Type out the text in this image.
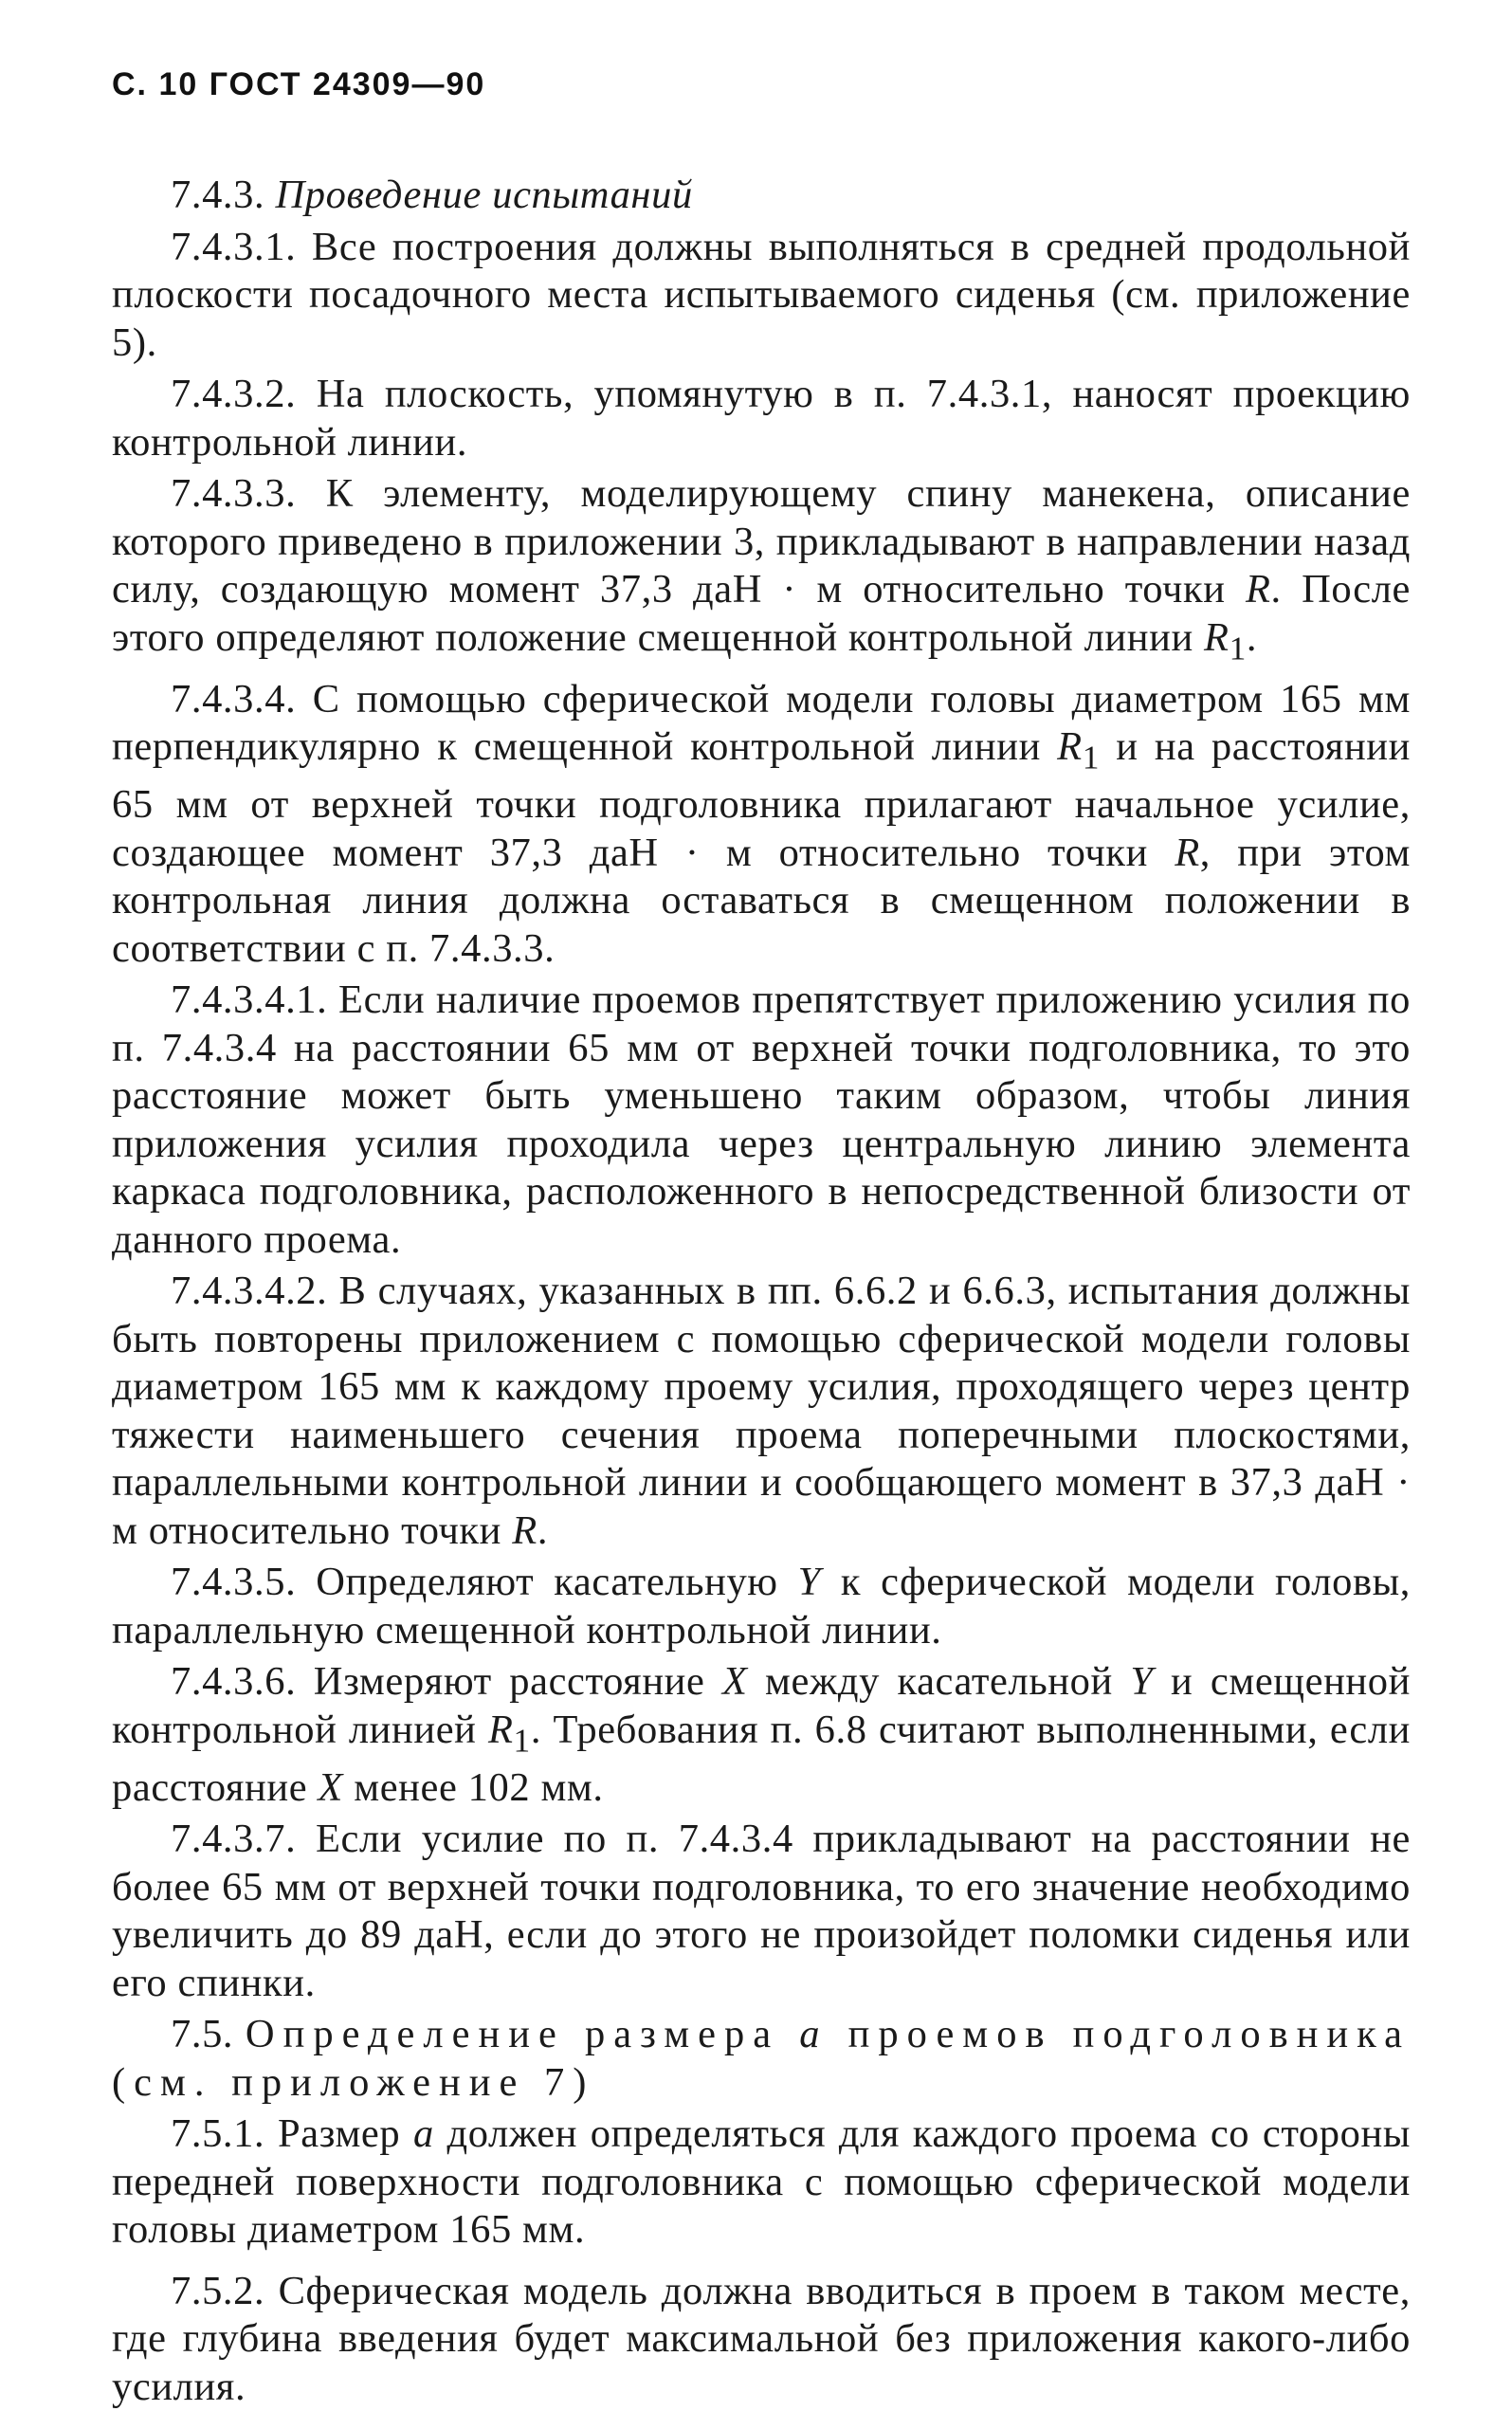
С. 10 ГОСТ 24309—90

7.4.3. Проведение испытаний

7.4.3.1. Все построения должны выполняться в средней продольной плоскости посадочного места испытываемого сиденья (см. приложение 5).

7.4.3.2. На плоскость, упомянутую в п. 7.4.3.1, наносят проекцию контрольной линии.

7.4.3.3. К элементу, моделирующему спину манекена, описание которого приведено в приложении 3, прикладывают в направлении назад силу, создающую момент 37,3 даН · м относительно точки R. После этого определяют положение смещенной контрольной линии $R_1$.

7.4.3.4. С помощью сферической модели головы диаметром 165 мм перпендикулярно к смещенной контрольной линии $R_1$ и на расстоянии 65 мм от верхней точки подголовника прилагают начальное усилие, создающее момент 37,3 даН · м относительно точки R, при этом контрольная линия должна оставаться в смещенном положении в соответствии с п. 7.4.3.3.

7.4.3.4.1. Если наличие проемов препятствует приложению усилия по п. 7.4.3.4 на расстоянии 65 мм от верхней точки подголовника, то это расстояние может быть уменьшено таким образом, чтобы линия приложения усилия проходила через центральную линию элемента каркаса подголовника, расположенного в непосредственной близости от данного проема.

7.4.3.4.2. В случаях, указанных в пп. 6.6.2 и 6.6.3, испытания должны быть повторены приложением с помощью сферической модели головы диаметром 165 мм к каждому проему усилия, проходящего через центр тяжести наименьшего сечения проема поперечными плоскостями, параллельными контрольной линии и сообщающего момент в 37,3 даН · м относительно точки R.

7.4.3.5. Определяют касательную Y к сферической модели головы, параллельную смещенной контрольной линии.

7.4.3.6. Измеряют расстояние X между касательной Y и смещенной контрольной линией $R_1$. Требования п. 6.8 считают выполненными, если расстояние X менее 102 мм.

7.4.3.7. Если усилие по п. 7.4.3.4 прикладывают на расстоянии не более 65 мм от верхней точки подголовника, то его значение необходимо увеличить до 89 даН, если до этого не произойдет поломки сиденья или его спинки.

7.5. Определение размера a проемов подголовника (см. приложение 7)

7.5.1. Размер a должен определяться для каждого проема со стороны передней поверхности подголовника с помощью сферической модели головы диаметром 165 мм.

7.5.2. Сферическая модель должна вводиться в проем в таком месте, где глубина введения будет максимальной без приложения какого-либо усилия.
